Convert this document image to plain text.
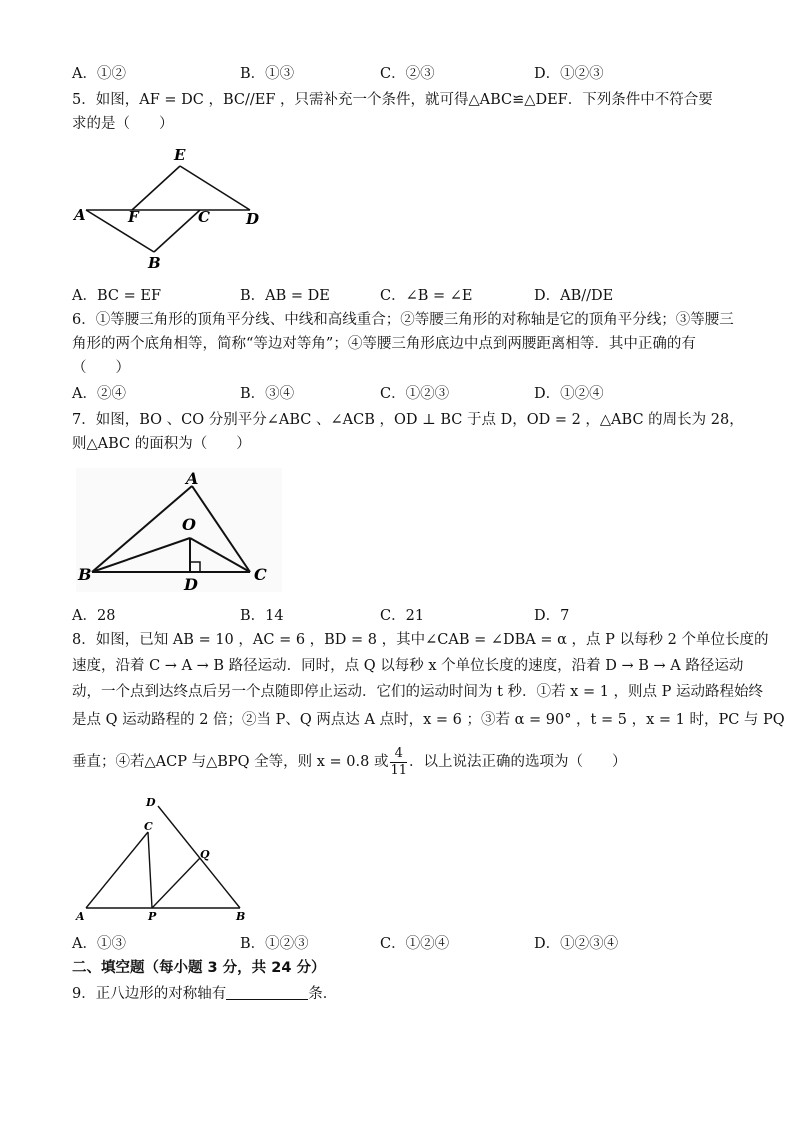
A．①②	B．①③	C．②③	D．①②③
5．如图，AF = DC ，BC//EF ，只需补充一个条件，就可得△ABC≌△DEF．下列条件中不符合要
求的是（　　）
E
A	F	C D
B
A．BC = EF	B．AB = DE	C．∠B = ∠E	D．AB//DE
6．①等腰三角形的顶角平分线、中线和高线重合；②等腰三角形的对称轴是它的顶角平分线；③等腰三
角形的两个底角相等，简称“等边对等角”；④等腰三角形底边中点到两腰距离相等．其中正确的有
（　　）
A．②④	B．③④	C．①②③	D．①②④
7．如图，BO 、CO 分别平分∠ABC 、∠ACB ，OD ⊥ BC 于点 D，OD = 2 ，△ABC 的周长为 28，
则△ABC 的面积为（　　）
A
O
B
D
C
A．28	B．14	C．21	D．7
8．如图，已知 AB = 10 ，AC = 6 ，BD = 8 ，其中∠CAB = ∠DBA = α ，点 P 以每秒 2 个单位长度的
速度，沿着 C → A → B 路径运动．同时，点 Q 以每秒 x 个单位长度的速度，沿着 D → B → A 路径运动
动，一个点到达终点后另一个点随即停止运动．它们的运动时间为 t 秒．①若 x = 1 ，则点 P 运动路程始终
是点 Q 运动路程的 2 倍；②当 P、Q 两点达 A 点时，x = 6 ；③若 α = 90° ，t = 5 ，x = 1 时，PC 与 PQ
垂直；④若△ACP 与△BPQ 全等，则 x = 0.8 或 $\frac{4}{11}$ ．以上说法正确的选项为（　　）
D
C
Q
A	P	B
A．①③	B．①②③	C．①②④	D．①②③④
二、填空题（每小题 3 分，共 24 分）
9．正八边形的对称轴有	条．
